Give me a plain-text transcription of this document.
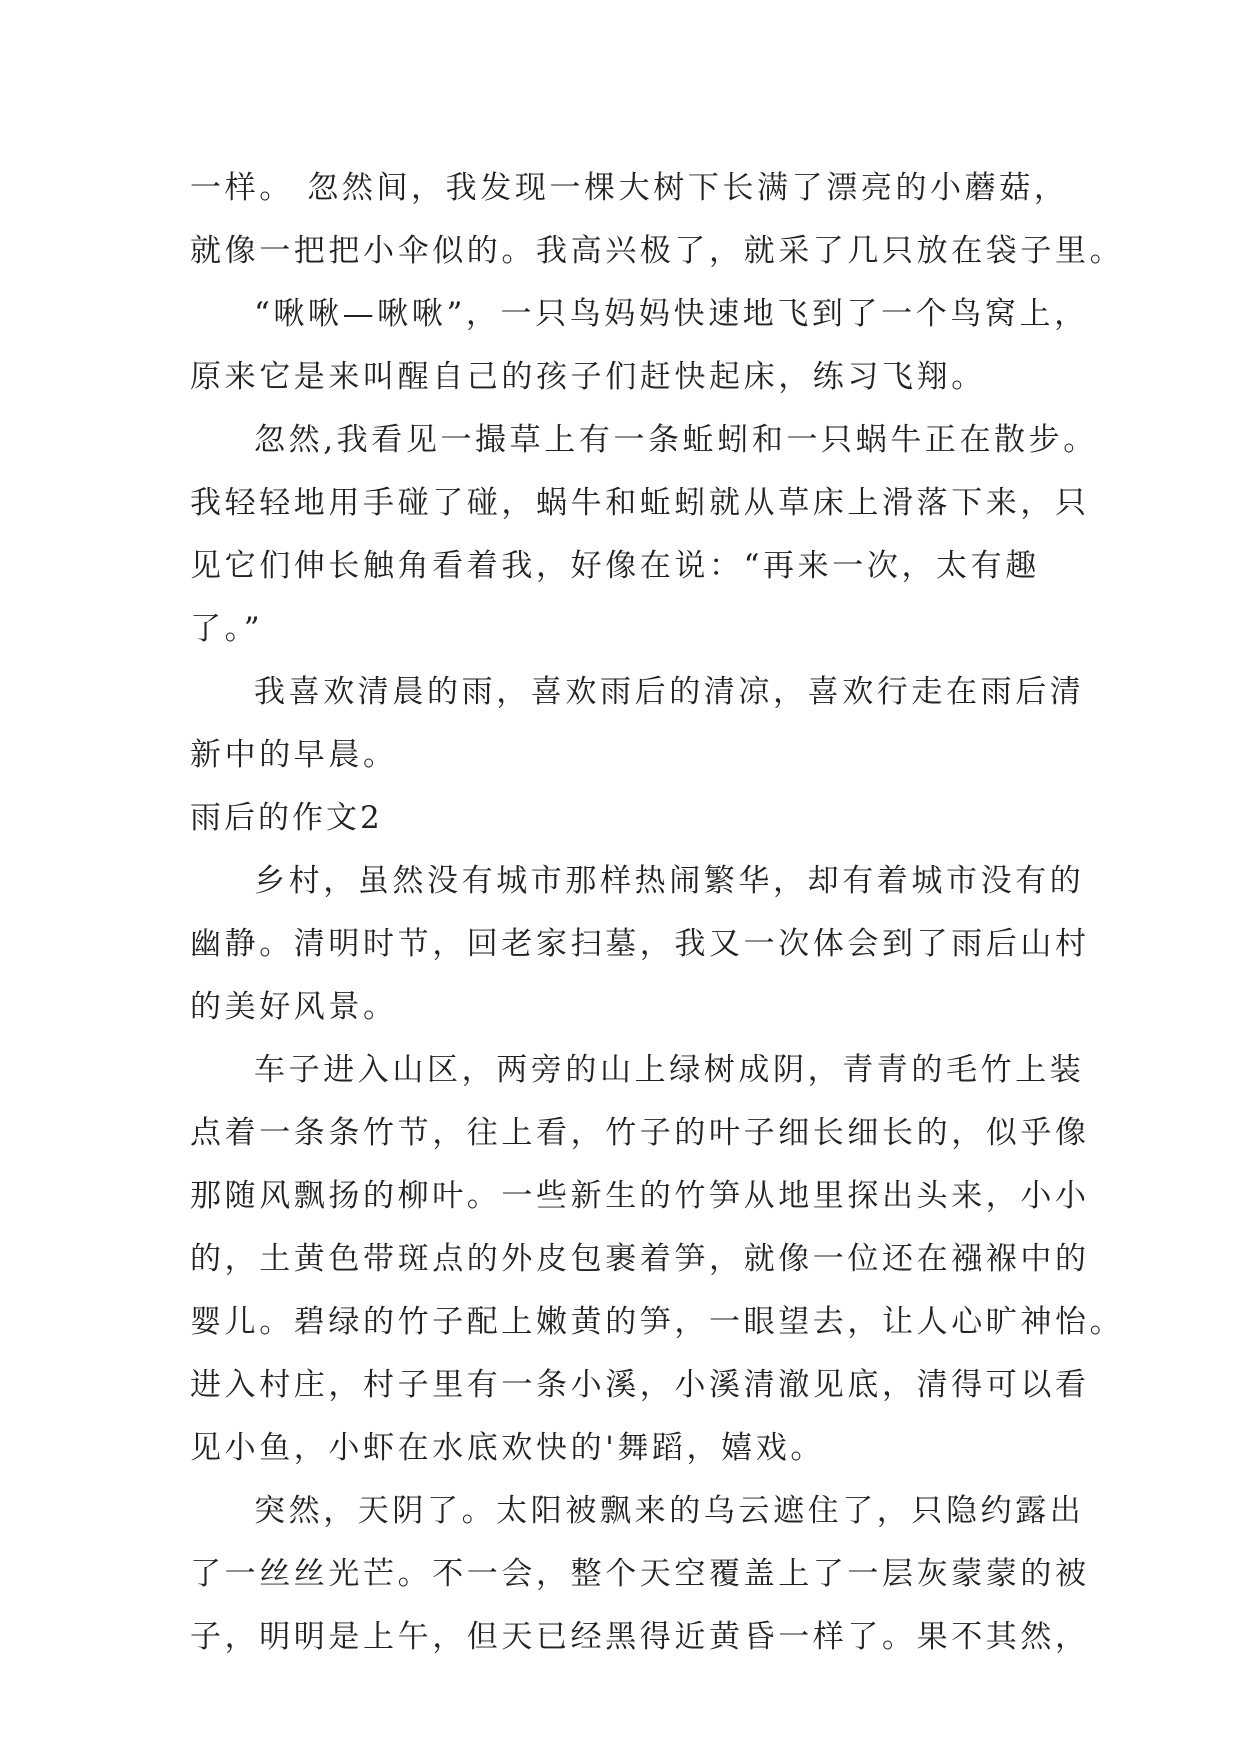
一样。 忽然间，我发现一棵大树下长满了漂亮的小蘑菇，

就像一把把小伞似的。我高兴极了，就采了几只放在袋子里。

“啾啾—啾啾”，一只鸟妈妈快速地飞到了一个鸟窝上，

原来它是来叫醒自己的孩子们赶快起床，练习飞翔。

忽然,我看见一撮草上有一条蚯蚓和一只蜗牛正在散步。

我轻轻地用手碰了碰，蜗牛和蚯蚓就从草床上滑落下来，只

见它们伸长触角看着我，好像在说：“再来一次，太有趣

了。”

我喜欢清晨的雨，喜欢雨后的清凉，喜欢行走在雨后清

新中的早晨。

雨后的作文2

乡村，虽然没有城市那样热闹繁华，却有着城市没有的

幽静。清明时节，回老家扫墓，我又一次体会到了雨后山村

的美好风景。

车子进入山区，两旁的山上绿树成阴，青青的毛竹上装

点着一条条竹节，往上看，竹子的叶子细长细长的，似乎像

那随风飘扬的柳叶。一些新生的竹笋从地里探出头来，小小

的，土黄色带斑点的外皮包裹着笋，就像一位还在襁褓中的

婴儿。碧绿的竹子配上嫩黄的笋，一眼望去，让人心旷神怡。

进入村庄，村子里有一条小溪，小溪清澈见底，清得可以看

见小鱼，小虾在水底欢快的'舞蹈，嬉戏。

突然，天阴了。太阳被飘来的乌云遮住了，只隐约露出

了一丝丝光芒。不一会，整个天空覆盖上了一层灰蒙蒙的被

子，明明是上午，但天已经黑得近黄昏一样了。果不其然，
